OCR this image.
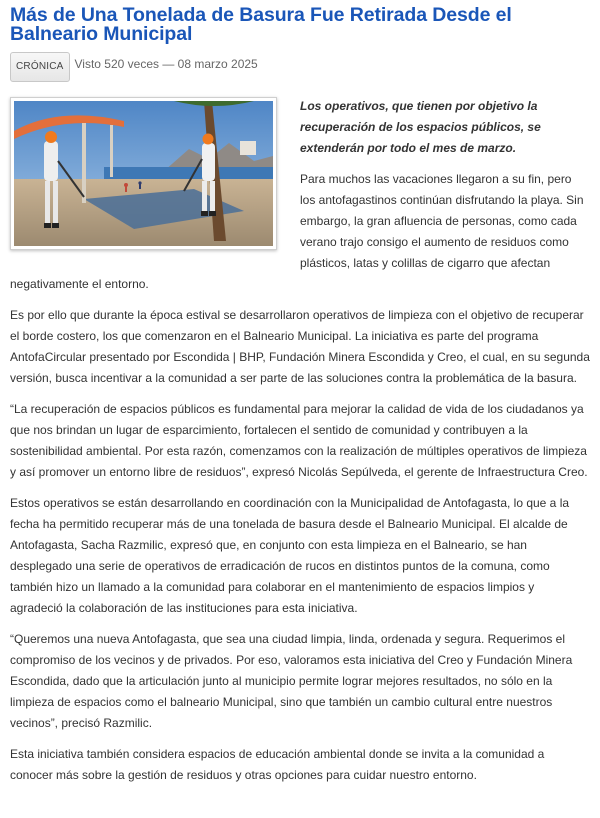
Más de Una Tonelada de Basura Fue Retirada Desde el Balneario Municipal
CRÓNICA Visto 520 veces — 08 marzo 2025

Los operativos, que tienen por objetivo la recuperación de los espacios públicos, se extenderán por todo el mes de marzo.

Para muchos las vacaciones llegaron a su fin, pero los antofagastinos continúan disfrutando la playa. Sin embargo, la gran afluencia de personas, como cada verano trajo consigo el aumento de residuos como plásticos, latas y colillas de cigarro que afectan negativamente el entorno.

Es por ello que durante la época estival se desarrollaron operativos de limpieza con el objetivo de recuperar el borde costero, los que comenzaron en el Balneario Municipal. La iniciativa es parte del programa AntofaCircular presentado por Escondida | BHP, Fundación Minera Escondida y Creo, el cual, en su segunda versión, busca incentivar a la comunidad a ser parte de las soluciones contra la problemática de la basura.

“La recuperación de espacios públicos es fundamental para mejorar la calidad de vida de los ciudadanos ya que nos brindan un lugar de esparcimiento, fortalecen el sentido de comunidad y contribuyen a la sostenibilidad ambiental. Por esta razón, comenzamos con la realización de múltiples operativos de limpieza y así promover un entorno libre de residuos”, expresó Nicolás Sepúlveda, el gerente de Infraestructura Creo.

Estos operativos se están desarrollando en coordinación con la Municipalidad de Antofagasta, lo que a la fecha ha permitido recuperar más de una tonelada de basura desde el Balneario Municipal. El alcalde de Antofagasta, Sacha Razmilic, expresó que, en conjunto con esta limpieza en el Balneario, se han desplegado una serie de operativos de erradicación de rucos en distintos puntos de la comuna, como también hizo un llamado a la comunidad para colaborar en el mantenimiento de espacios limpios y agradeció la colaboración de las instituciones para esta iniciativa.

“Queremos una nueva Antofagasta, que sea una ciudad limpia, linda, ordenada y segura. Requerimos el compromiso de los vecinos y de privados. Por eso, valoramos esta iniciativa del Creo y Fundación Minera Escondida, dado que la articulación junto al municipio permite lograr mejores resultados, no sólo en la limpieza de espacios como el balneario Municipal, sino que también un cambio cultural entre nuestros vecinos”, precisó Razmilic.

Esta iniciativa también considera espacios de educación ambiental donde se invita a la comunidad a conocer más sobre la gestión de residuos y otras opciones para cuidar nuestro entorno.
